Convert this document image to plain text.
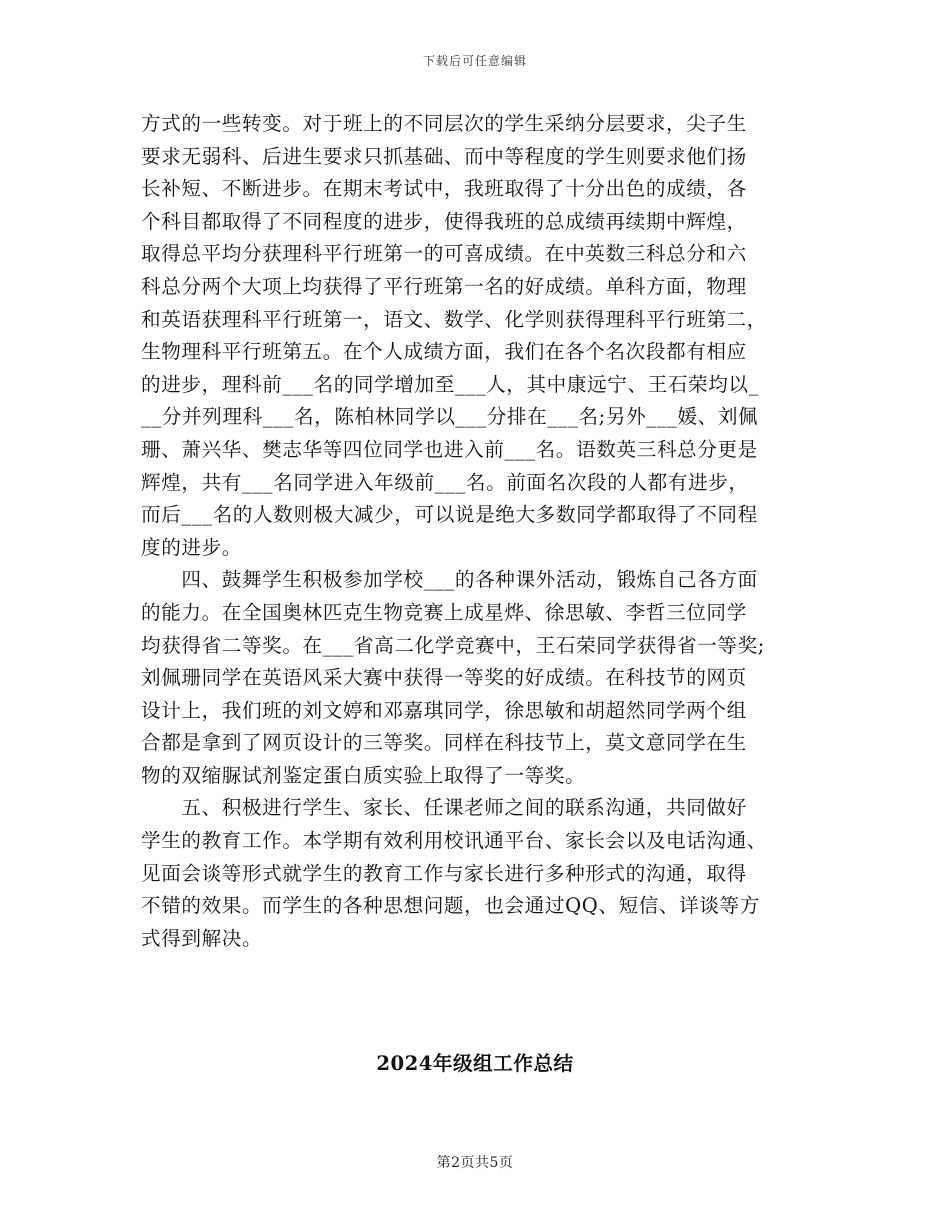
下载后可任意编辑
方式的一些转变。对于班上的不同层次的学生采纳分层要求，尖子生
要求无弱科、后进生要求只抓基础、而中等程度的学生则要求他们扬
长补短、不断进步。在期末考试中，我班取得了十分出色的成绩，各
个科目都取得了不同程度的进步，使得我班的总成绩再续期中辉煌，
取得总平均分获理科平行班第一的可喜成绩。在中英数三科总分和六
科总分两个大项上均获得了平行班第一名的好成绩。单科方面，物理
和英语获理科平行班第一，语文、数学、化学则获得理科平行班第二，
生物理科平行班第五。在个人成绩方面，我们在各个名次段都有相应
的进步，理科前___名的同学增加至___人，其中康远宁、王石荣均以_
__分并列理科___名，陈柏林同学以___分排在___名;另外___媛、刘佩
珊、萧兴华、樊志华等四位同学也进入前___名。语数英三科总分更是
辉煌，共有___名同学进入年级前___名。前面名次段的人都有进步，
而后___名的人数则极大减少，可以说是绝大多数同学都取得了不同程
度的进步。
　　四、鼓舞学生积极参加学校___的各种课外活动，锻炼自己各方面
的能力。在全国奥林匹克生物竞赛上成星烨、徐思敏、李哲三位同学
均获得省二等奖。在___省高二化学竞赛中，王石荣同学获得省一等奖;
刘佩珊同学在英语风采大赛中获得一等奖的好成绩。在科技节的网页
设计上，我们班的刘文婷和邓嘉琪同学，徐思敏和胡超然同学两个组
合都是拿到了网页设计的三等奖。同样在科技节上，莫文意同学在生
物的双缩脲试剂鉴定蛋白质实验上取得了一等奖。
　　五、积极进行学生、家长、任课老师之间的联系沟通，共同做好
学生的教育工作。本学期有效利用校讯通平台、家长会以及电话沟通、
见面会谈等形式就学生的教育工作与家长进行多种形式的沟通，取得
不错的效果。而学生的各种思想问题，也会通过QQ、短信、详谈等方
式得到解决。
2024年级组工作总结
第2页共5页
